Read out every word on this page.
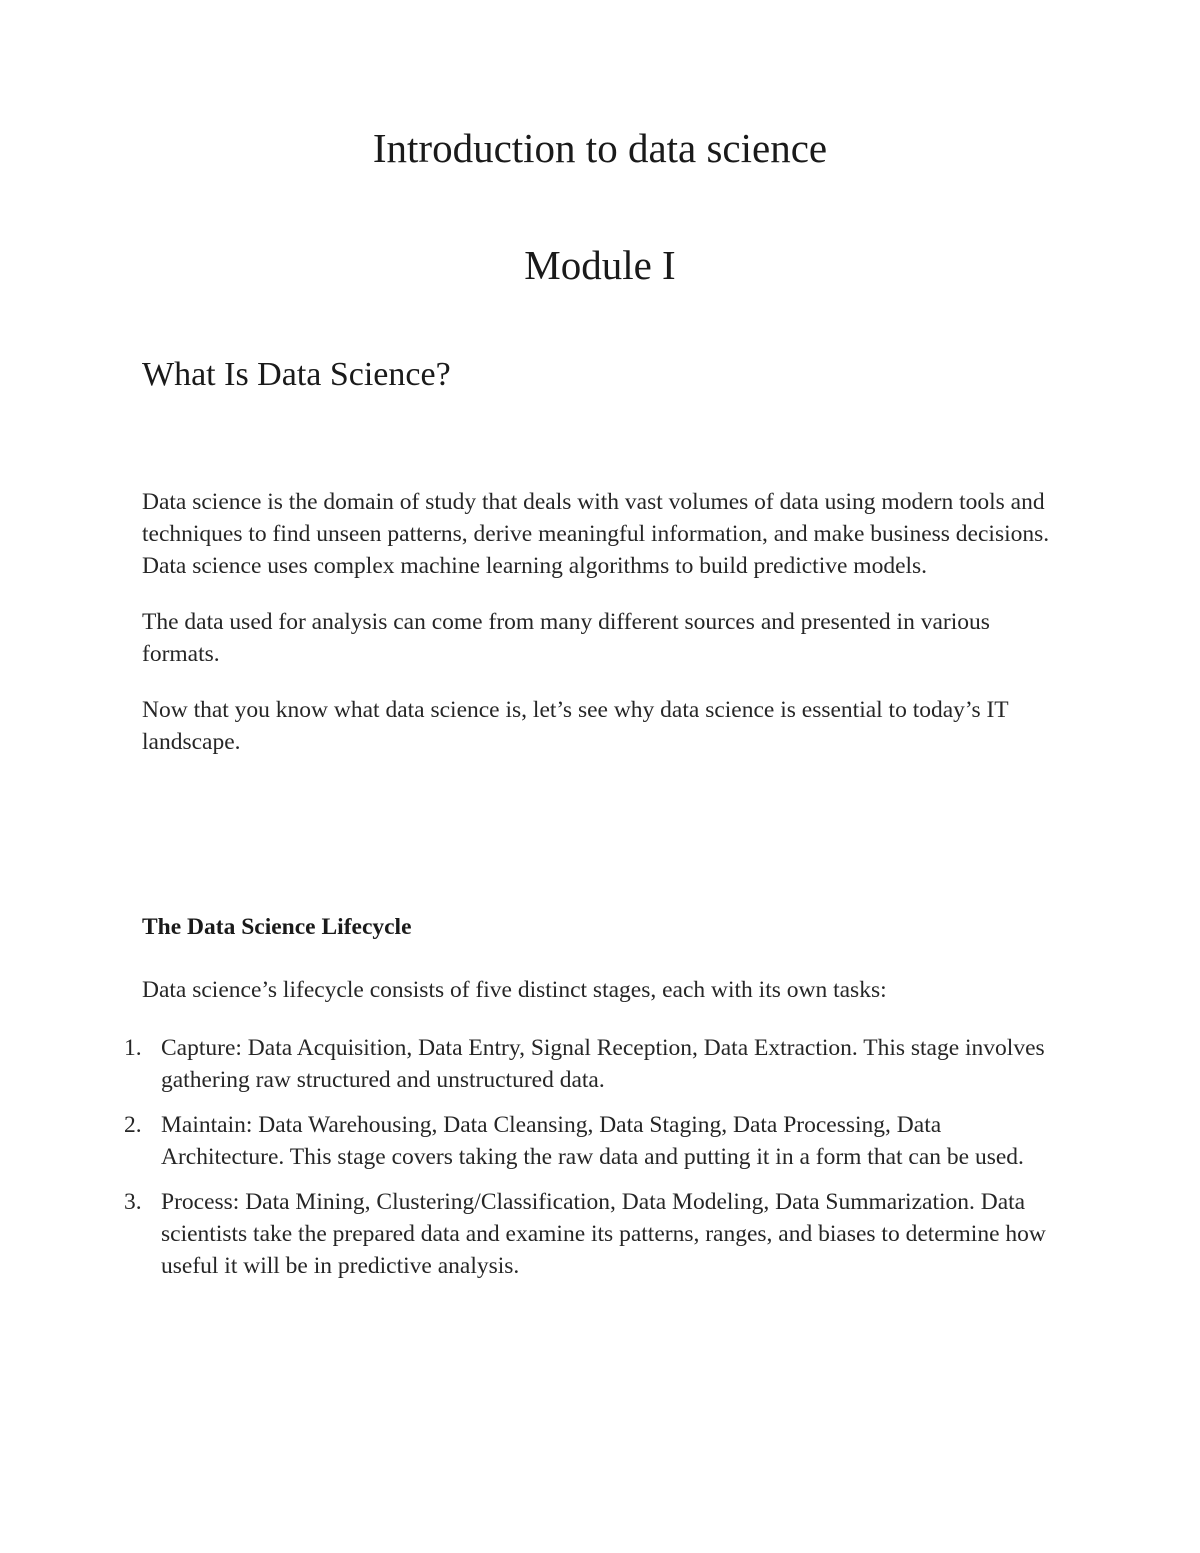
Introduction to data science
Module I
What Is Data Science?

Data science is the domain of study that deals with vast volumes of data using modern tools and techniques to find unseen patterns, derive meaningful information, and make business decisions. Data science uses complex machine learning algorithms to build predictive models.

The data used for analysis can come from many different sources and presented in various formats.

Now that you know what data science is, let’s see why data science is essential to today’s IT landscape.

The Data Science Lifecycle

Data science’s lifecycle consists of five distinct stages, each with its own tasks:

1. Capture: Data Acquisition, Data Entry, Signal Reception, Data Extraction. This stage involves gathering raw structured and unstructured data.
2. Maintain: Data Warehousing, Data Cleansing, Data Staging, Data Processing, Data Architecture. This stage covers taking the raw data and putting it in a form that can be used.
3. Process: Data Mining, Clustering/Classification, Data Modeling, Data Summarization. Data scientists take the prepared data and examine its patterns, ranges, and biases to determine how useful it will be in predictive analysis.
